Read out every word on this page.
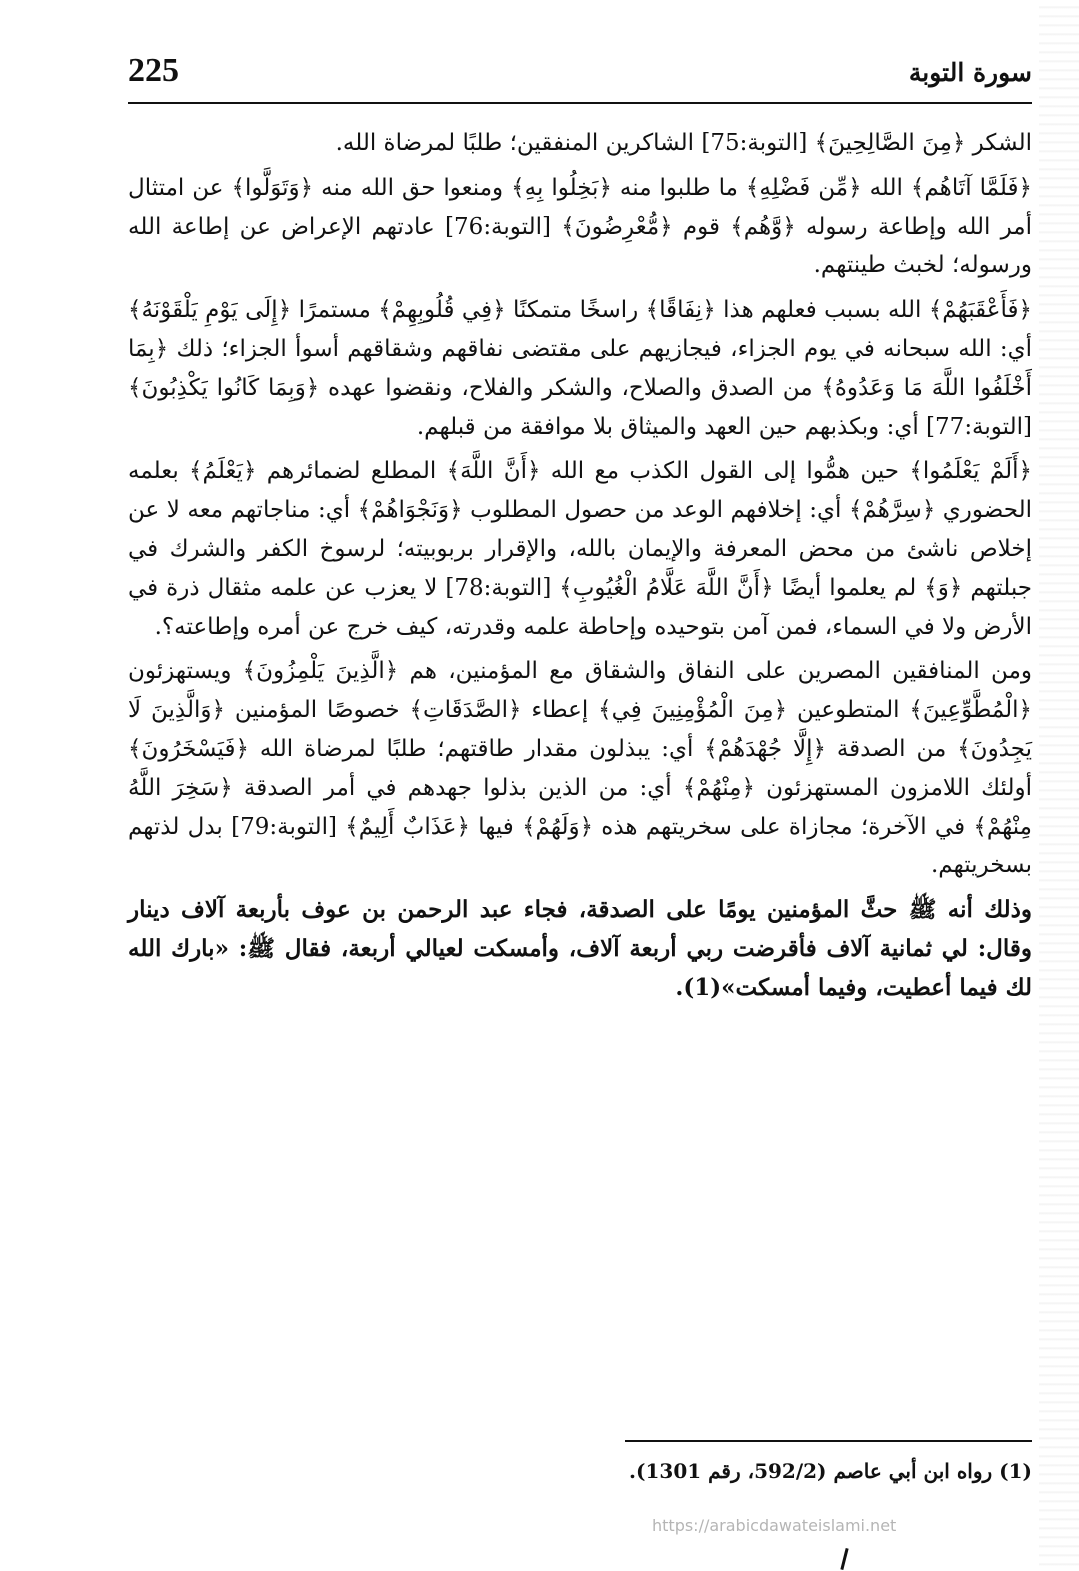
225	سورة التوبة

الشكر ﴿مِنَ الصَّالِحِينَ﴾ [التوبة:75] الشاكرين المنفقين؛ طلبًا لمرضاة الله.

﴿فَلَمَّا آتَاهُم﴾ الله ﴿مِّن فَضْلِهِ﴾ ما طلبوا منه ﴿بَخِلُوا بِهِ﴾ ومنعوا حق الله منه ﴿وَتَوَلَّوا﴾ عن امتثال أمر الله وإطاعة رسوله ﴿وَّهُم﴾ قوم ﴿مُّعْرِضُونَ﴾ [التوبة:76] عادتهم الإعراض عن إطاعة الله ورسوله؛ لخبث طينتهم.

﴿فَأَعْقَبَهُمْ﴾ الله بسبب فعلهم هذا ﴿نِفَاقًا﴾ راسخًا متمكنًا ﴿فِي قُلُوبِهِمْ﴾ مستمرًا ﴿إِلَى يَوْمِ يَلْقَوْنَهُ﴾ أي: الله سبحانه في يوم الجزاء، فيجازيهم على مقتضى نفاقهم وشقاقهم أسوأ الجزاء؛ ذلك ﴿بِمَا أَخْلَفُوا اللَّهَ مَا وَعَدُوهُ﴾ من الصدق والصلاح، والشكر والفلاح، ونقضوا عهده ﴿وَبِمَا كَانُوا يَكْذِبُونَ﴾ [التوبة:77] أي: وبكذبهم حين العهد والميثاق بلا موافقة من قبلهم.

﴿أَلَمْ يَعْلَمُوا﴾ حين همُّوا إلى القول الكذب مع الله ﴿أَنَّ اللَّهَ﴾ المطلع لضمائرهم ﴿يَعْلَمُ﴾ بعلمه الحضوري ﴿سِرَّهُمْ﴾ أي: إخلافهم الوعد من حصول المطلوب ﴿وَنَجْوَاهُمْ﴾ أي: مناجاتهم معه لا عن إخلاص ناشئ من محض المعرفة والإيمان بالله، والإقرار بربوبيته؛ لرسوخ الكفر والشرك في جبلتهم ﴿وَ﴾ لم يعلموا أيضًا ﴿أَنَّ اللَّهَ عَلَّامُ الْغُيُوبِ﴾ [التوبة:78] لا يعزب عن علمه مثقال ذرة في الأرض ولا في السماء، فمن آمن بتوحيده وإحاطة علمه وقدرته، كيف خرج عن أمره وإطاعته؟.

ومن المنافقين المصرين على النفاق والشقاق مع المؤمنين، هم ﴿الَّذِينَ يَلْمِزُونَ﴾ ويستهزئون ﴿الْمُطَّوِّعِينَ﴾ المتطوعين ﴿مِنَ الْمُؤْمِنِينَ فِي﴾ إعطاء ﴿الصَّدَقَاتِ﴾ خصوصًا المؤمنين ﴿وَالَّذِينَ لَا يَجِدُونَ﴾ من الصدقة ﴿إِلَّا جُهْدَهُمْ﴾ أي: يبذلون مقدار طاقتهم؛ طلبًا لمرضاة الله ﴿فَيَسْخَرُونَ﴾ أولئك اللامزون المستهزئون ﴿مِنْهُمْ﴾ أي: من الذين بذلوا جهدهم في أمر الصدقة ﴿سَخِرَ اللَّهُ مِنْهُمْ﴾ في الآخرة؛ مجازاة على سخريتهم هذه ﴿وَلَهُمْ﴾ فيها ﴿عَذَابٌ أَلِيمٌ﴾ [التوبة:79] بدل لذتهم بسخريتهم.

وذلك أنه ﷺ حثَّ المؤمنين يومًا على الصدقة، فجاء عبد الرحمن بن عوف بأربعة آلاف دينار وقال: لي ثمانية آلاف فأقرضت ربي أربعة آلاف، وأمسكت لعيالي أربعة، فقال ﷺ: «بارك الله لك فيما أعطيت، وفيما أمسكت»(1).

(1) رواه ابن أبي عاصم (592/2، رقم 1301).
https://arabicdawateislami.net
